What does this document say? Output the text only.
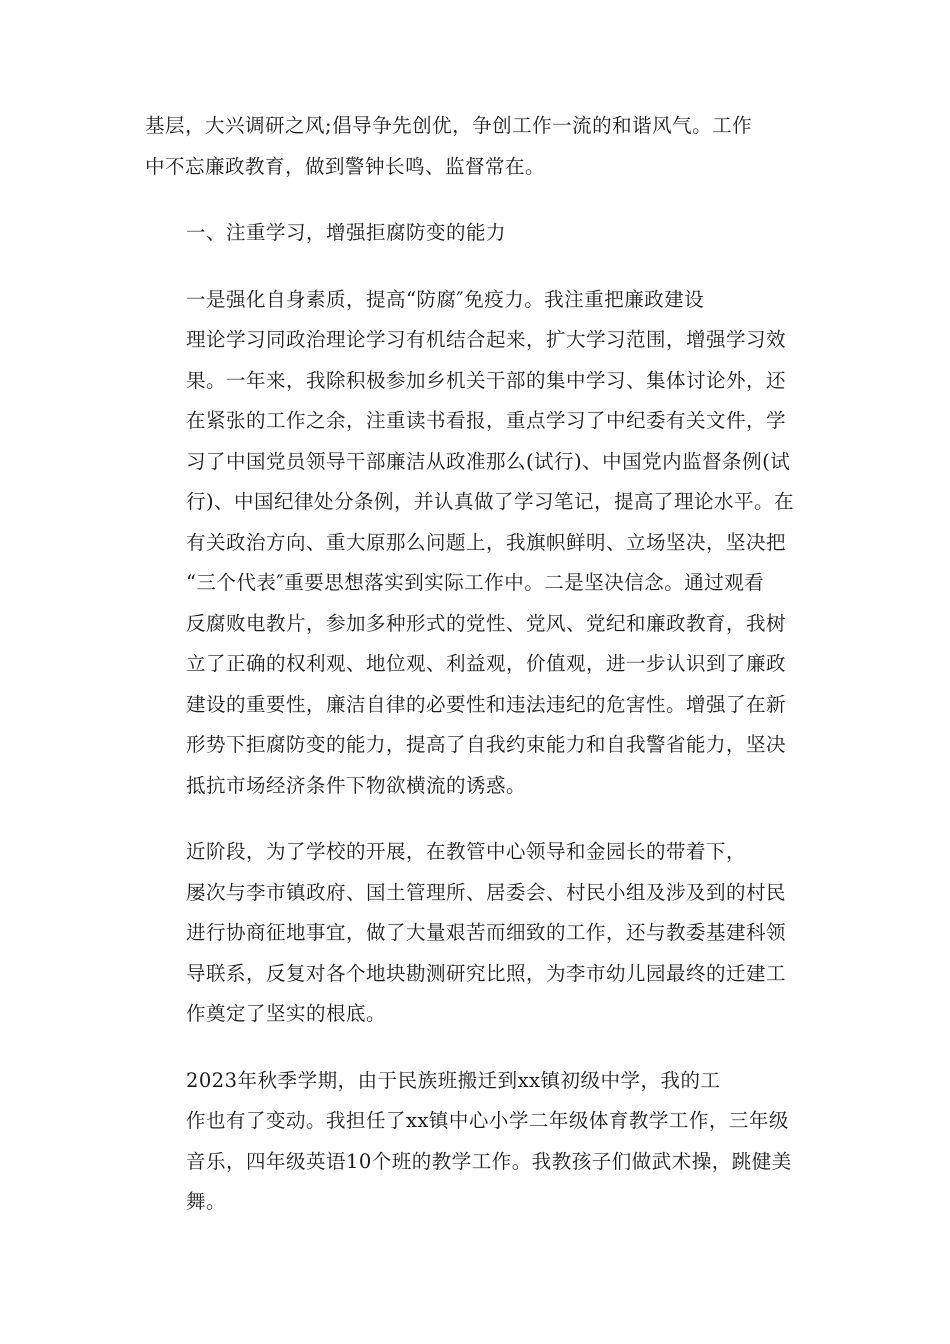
基层，大兴调研之风;倡导争先创优，争创工作一流的和谐风气。工作
中不忘廉政教育，做到警钟长鸣、监督常在。
一、注重学习，增强拒腐防变的能力
一是强化自身素质，提高“防腐″免疫力。我注重把廉政建设
理论学习同政治理论学习有机结合起来，扩大学习范围，增强学习效
果。一年来，我除积极参加乡机关干部的集中学习、集体讨论外，还
在紧张的工作之余，注重读书看报，重点学习了中纪委有关文件，学
习了中国党员领导干部廉洁从政准那么(试行)、中国党内监督条例(试
行)、中国纪律处分条例，并认真做了学习笔记，提高了理论水平。在
有关政治方向、重大原那么问题上，我旗帜鲜明、立场坚决，坚决把
“三个代表″重要思想落实到实际工作中。二是坚决信念。通过观看
反腐败电教片，参加多种形式的党性、党风、党纪和廉政教育，我树
立了正确的权利观、地位观、利益观，价值观，进一步认识到了廉政
建设的重要性，廉洁自律的必要性和违法违纪的危害性。增强了在新
形势下拒腐防变的能力，提高了自我约束能力和自我警省能力，坚决
抵抗市场经济条件下物欲横流的诱惑。
近阶段，为了学校的开展，在教管中心领导和金园长的带着下，
屡次与李市镇政府、国土管理所、居委会、村民小组及涉及到的村民
进行协商征地事宜，做了大量艰苦而细致的工作，还与教委基建科领
导联系，反复对各个地块勘测研究比照，为李市幼儿园最终的迁建工
作奠定了坚实的根底。
2023年秋季学期，由于民族班搬迁到xx镇初级中学，我的工
作也有了变动。我担任了xx镇中心小学二年级体育教学工作，三年级
音乐，四年级英语10个班的教学工作。我教孩子们做武术操，跳健美
舞。
